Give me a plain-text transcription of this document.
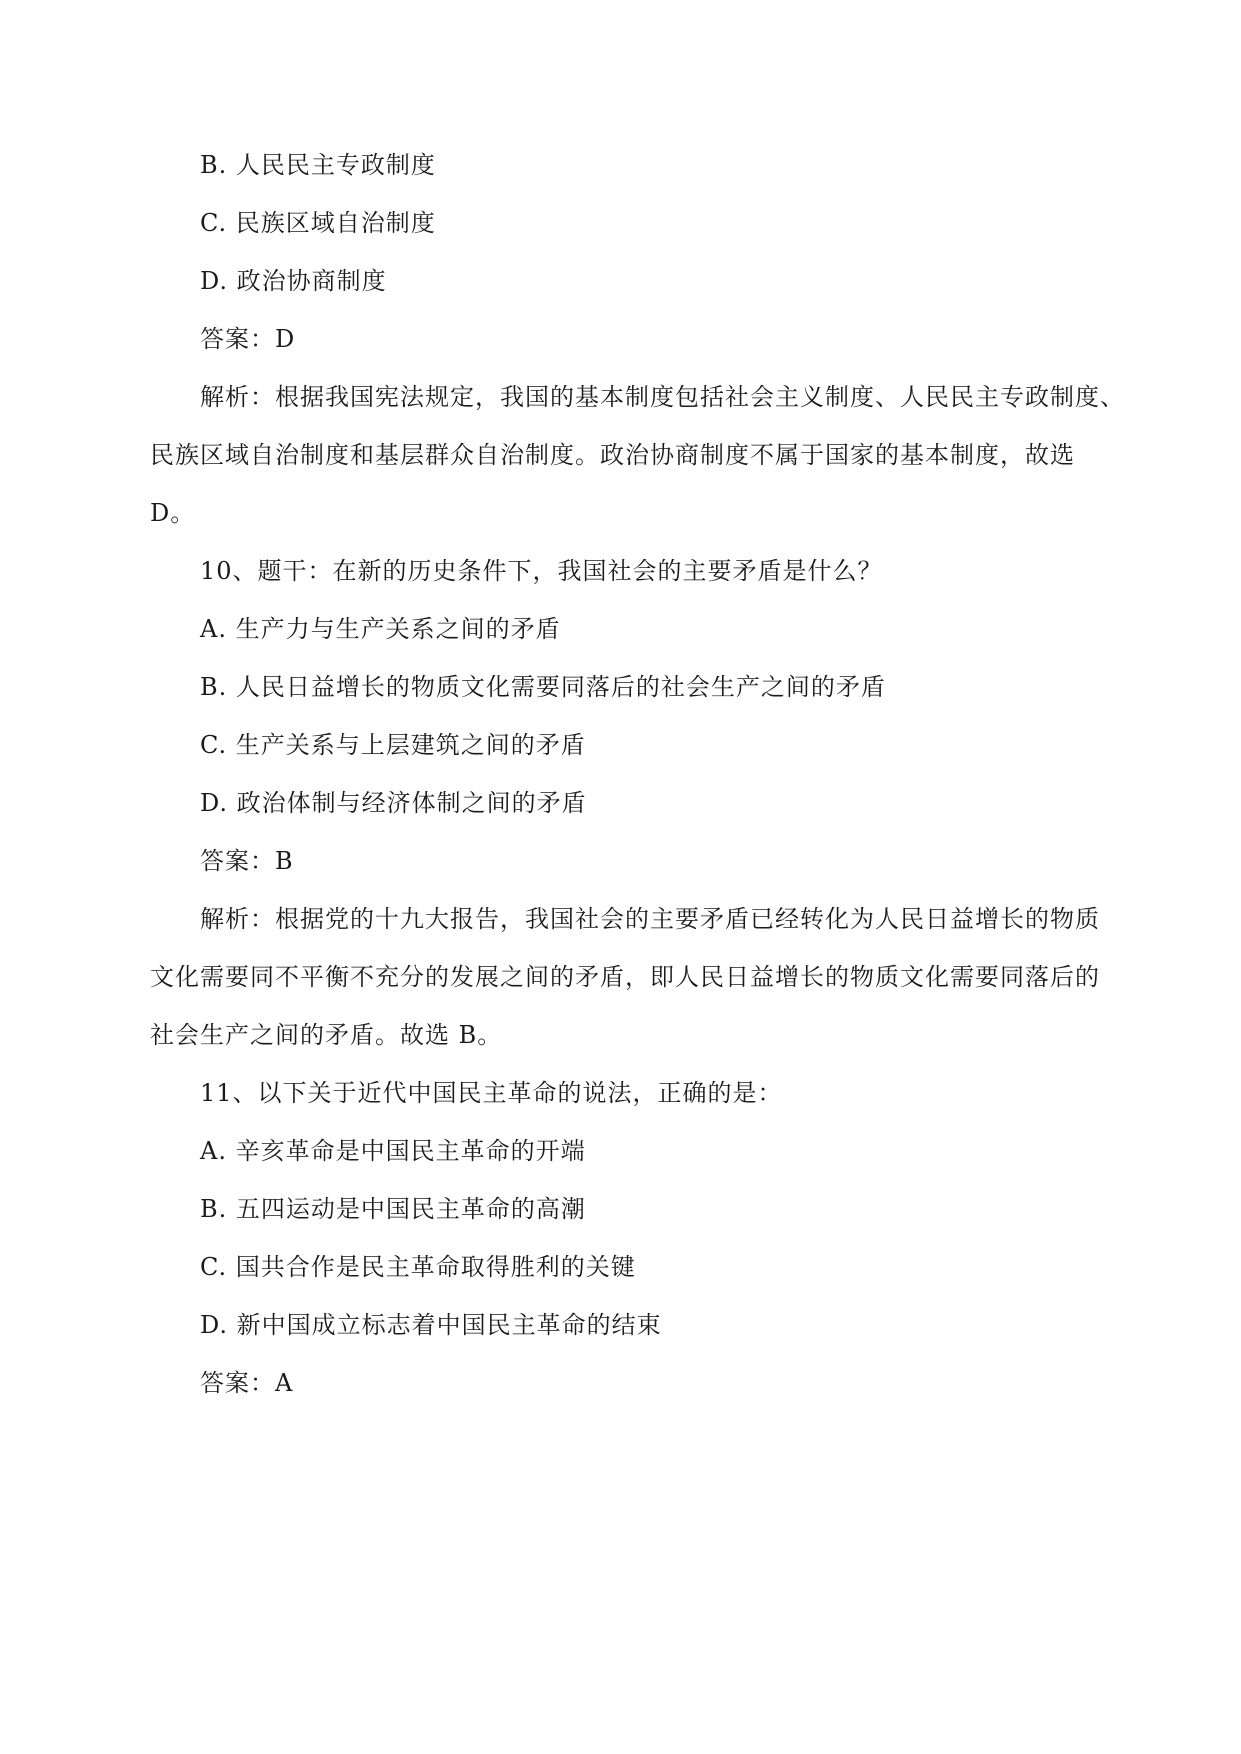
B. 人民民主专政制度
C. 民族区域自治制度
D. 政治协商制度
答案：D
解析：根据我国宪法规定，我国的基本制度包括社会主义制度、人民民主专政制度、
民族区域自治制度和基层群众自治制度。政治协商制度不属于国家的基本制度，故选
D。
10、题干：在新的历史条件下，我国社会的主要矛盾是什么？
A. 生产力与生产关系之间的矛盾
B. 人民日益增长的物质文化需要同落后的社会生产之间的矛盾
C. 生产关系与上层建筑之间的矛盾
D. 政治体制与经济体制之间的矛盾
答案：B
解析：根据党的十九大报告，我国社会的主要矛盾已经转化为人民日益增长的物质
文化需要同不平衡不充分的发展之间的矛盾，即人民日益增长的物质文化需要同落后的
社会生产之间的矛盾。故选 B。
11、以下关于近代中国民主革命的说法，正确的是：
A. 辛亥革命是中国民主革命的开端
B. 五四运动是中国民主革命的高潮
C. 国共合作是民主革命取得胜利的关键
D. 新中国成立标志着中国民主革命的结束
答案：A
